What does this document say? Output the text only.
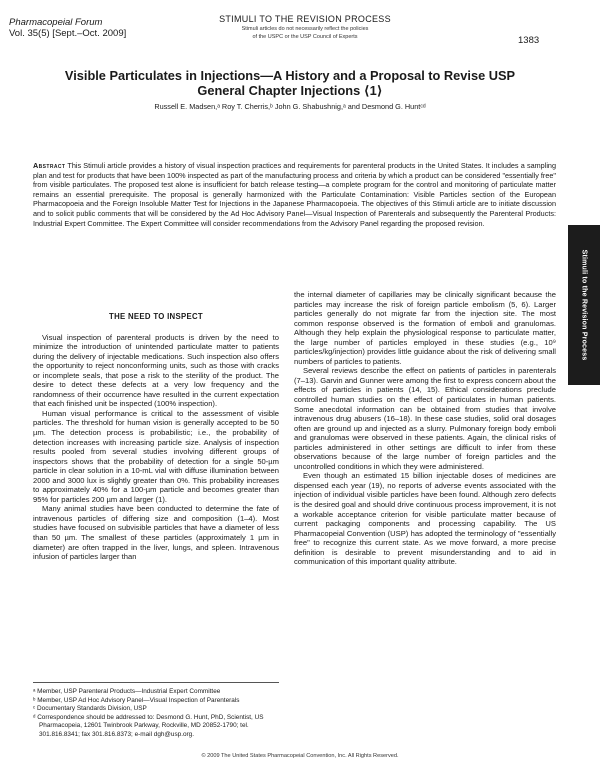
Pharmacopeial Forum
Vol. 35(5) [Sept.–Oct. 2009]
STIMULI TO THE REVISION PROCESS
Stimuli articles do not necessarily reflect the policies
of the USPC or the USP Council of Experts	1383
Visible Particulates in Injections—A History and a Proposal to Revise USP
General Chapter Injections ⟨1⟩
Russell E. Madsen,ᵃ Roy T. Cherris,ᵇ John G. Shabushnig,ᵃ and Desmond G. Huntᶜᵈ
Abstract This Stimuli article provides a history of visual inspection practices and requirements for parenteral products in the United States. It includes a sampling plan and test for products that have been 100% inspected as part of the manufacturing process and criteria by which a product can be considered "essentially free" from visible particulates. The proposed test alone is insufficient for batch release testing—a complete program for the control and monitoring of particulate matter remains an essential prerequisite. The proposal is generally harmonized with the Particulate Contamination: Visible Particles section of the European Pharmacopoeia and the Foreign Insoluble Matter Test for Injections in the Japanese Pharmacopoeia. The objectives of this Stimuli article are to initiate discussion and to solicit public comments that will be considered by the Ad Hoc Advisory Panel—Visual Inspection of Parenterals and subsequently the Parenteral Products: Industrial Expert Committee. The Expert Committee will consider recommendations from the Advisory Panel regarding the proposed revision.
Stimuli to the Revision Process
THE NEED TO INSPECT

Visual inspection of parenteral products is driven by the need to minimize the introduction of unintended particulate matter to patients during the delivery of injectable medications. Such inspection also offers the opportunity to reject nonconforming units, such as those with cracks or incomplete seals, that pose a risk to the sterility of the product. The desire to detect these defects at a very low frequency and the randomness of their occurrence have resulted in the current expectation that each finished unit be inspected (100% inspection).

Human visual performance is critical to the assessment of visible particles. The threshold for human vision is generally accepted to be 50 µm. The detection process is probabilistic; i.e., the probability of detection increases with increasing particle size. Analysis of inspection results pooled from several studies involving different groups of inspectors shows that the probability of detection for a single 50-µm particle in clear solution in a 10-mL vial with diffuse illumination between 2000 and 3000 lux is slightly greater than 0%. This probability increases to approximately 40% for a 100-µm particle and becomes greater than 95% for particles 200 µm and larger (1).

Many animal studies have been conducted to determine the fate of intravenous particles of differing size and composition (1–4). Most studies have focused on subvisible particles that have a diameter of less than 50 µm. The smallest of these particles (approximately 1 µm in diameter) are often trapped in the liver, lungs, and spleen. Intravenous infusion of particles larger than

the internal diameter of capillaries may be clinically significant because the particles may increase the risk of foreign particle embolism (5, 6). Larger particles generally do not migrate far from the injection site. The most common response observed is the formation of emboli and granulomas. Although they help explain the physiological response to particulate matter, the large number of particles employed in these studies (e.g., 10⁹ particles/kg/injection) provides little guidance about the risk of delivering small numbers of particles to patients.

Several reviews describe the effect on patients of particles in parenterals (7–13). Garvin and Gunner were among the first to express concern about the effects of particles in patients (14, 15). Ethical considerations preclude controlled human studies on the effect of particulates in human patients. Some anecdotal information can be obtained from studies that involve intravenous drug abusers (16–18). In these case studies, solid oral dosages often are ground up and injected as a slurry. Pulmonary foreign body emboli and granulomas were observed in these patients. Again, the clinical risks of particles administered in other settings are difficult to infer from these observations because of the large number of foreign particles and the uncontrolled conditions in which they were administered.

Even though an estimated 15 billion injectable doses of medicines are dispensed each year (19), no reports of adverse events associated with the injection of individual visible particles have been found. Although zero defects is the desired goal and should drive continuous process improvement, it is not a workable acceptance criterion for visible particulate matter because of current packaging components and processing capability. The US Pharmacopeial Convention (USP) has adopted the terminology of "essentially free" to recognize this current state. As we move forward, a more precise definition is desirable to prevent misunderstanding and to aid in communication of this important quality attribute.

ᵃ Member, USP Parenteral Products—Industrial Expert Committee
ᵇ Member, USP Ad Hoc Advisory Panel—Visual Inspection of Parenterals
ᶜ Documentary Standards Division, USP
ᵈ Correspondence should be addressed to: Desmond G. Hunt, PhD, Scientist, US Pharmacopeia, 12601 Twinbrook Parkway, Rockville, MD 20852-1790; tel. 301.816.8341; fax 301.816.8373; e-mail dgh@usp.org.
© 2009 The United States Pharmacopeial Convention, Inc. All Rights Reserved.
